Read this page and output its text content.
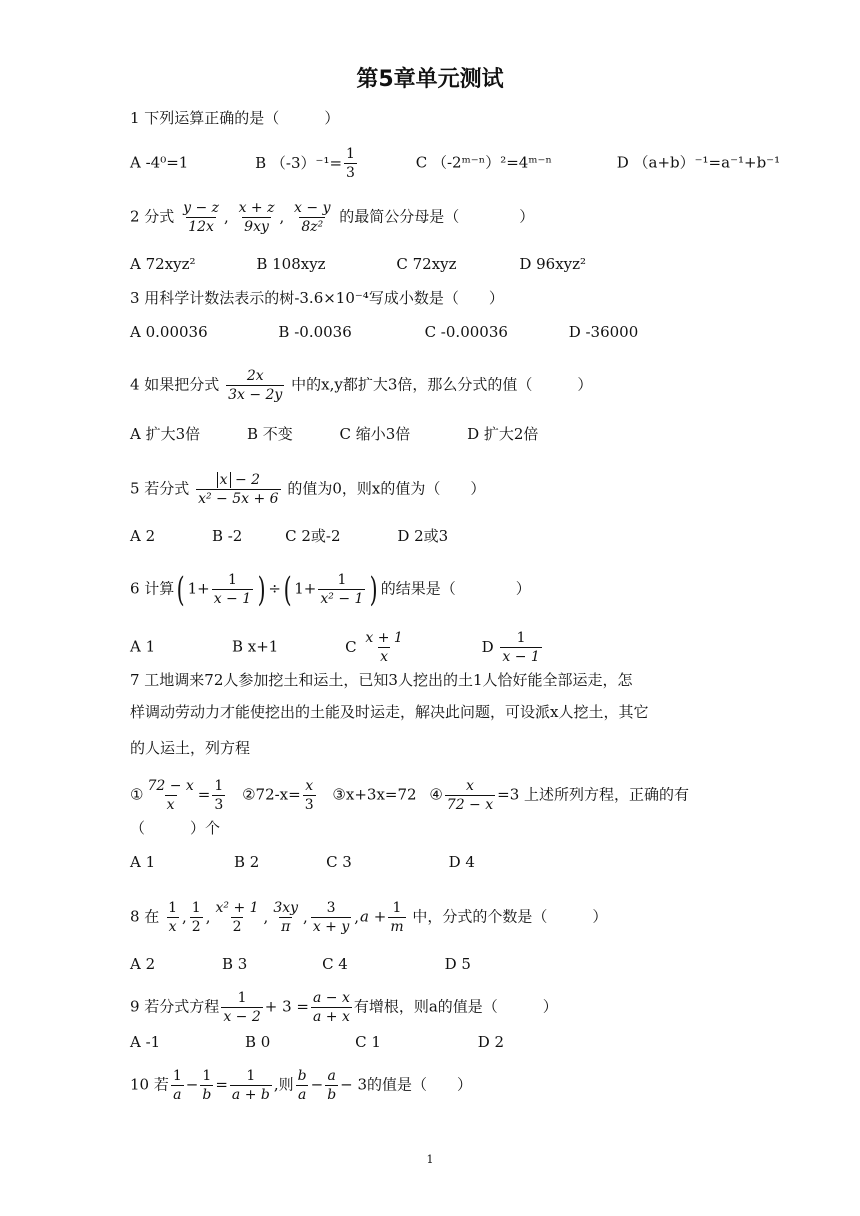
第5章单元测试
1 下列运算正确的是（　　　）
A -4⁰=1	B $(-3)^{-1}= \frac{1}{3}$	C （-2ᵐ⁻ⁿ）²=4ᵐ⁻ⁿ	D （a+b）⁻¹=a⁻¹+b⁻¹
2 分式 $\frac{y - z}{12x}$ , $\frac{x + z}{9xy}$ , $\frac{x - y}{\text{8z²}}$ 的最简公分母是（　　　　）
A 72xyz²	B 108xyz	C 72xyz	D 96xyz²
3 用科学计数法表示的树-3.6×10⁻⁴写成小数是（　　）
A 0.00036	B -0.0036	C -0.00036	D -36000
4 如果把分式 $\frac{2x}{3x - 2y}$ 中的x,y都扩大3倍，那么分式的值（　　　）
A 扩大3倍	B 不变	C 缩小3倍	D 扩大2倍
5 若分式 $\frac{x - 2}{\text{x² − 5x + 6}}$ 的值为0，则x的值为（　　）
A 2	B -2	C 2或-2	D 2或3
6 计算( $1+ \frac{1}{x - 1}$ ) ÷( $1+ \frac{1}{\text{x² − 1}}$ ) 的结果是（　　　　）
A 1	B x+1	C $\frac{x + 1}{x}$	D $\frac{1}{x - 1}$
7 工地调来72人参加挖土和运土，已知3人挖出的土1人恰好能全部运走，怎
样调动劳动力才能使挖出的土能及时运走，解决此问题，可设派x人挖土，其它
的人运土，列方程
① $\frac{72 - x}{x} = \frac{1}{3}$ ②72-x= $\frac{x}{3}$ ③x+3x=72 ④ $\frac{x}{72 - x} =3$ 上述所列方程，正确的有
（　　　）个
A 1	B 2	C 3	D 4
8 在 $\frac{1}{x}$ , $\frac{1}{2}$ , $\frac{\text{x² + 1}}{2}$ , $\frac{3xy}{\pi}$ , $\frac{3}{x + y} ,a + \frac{1}{m}$ 中，分式的个数是（　　　）
A 2	B 3	C 4	D 5
9 若分式方程 $\frac{1}{x - 2} + 3 = \frac{a - x}{a + x}$ 有增根，则a的值是（　　　）
A -1	B 0	C 1	D 2
10 若 $\frac{1}{a} - \frac{1}{b} = \frac{1}{a + b}$ ,则 $\frac{b}{a} - \frac{a}{b} - 3$的值是（　　）
1
